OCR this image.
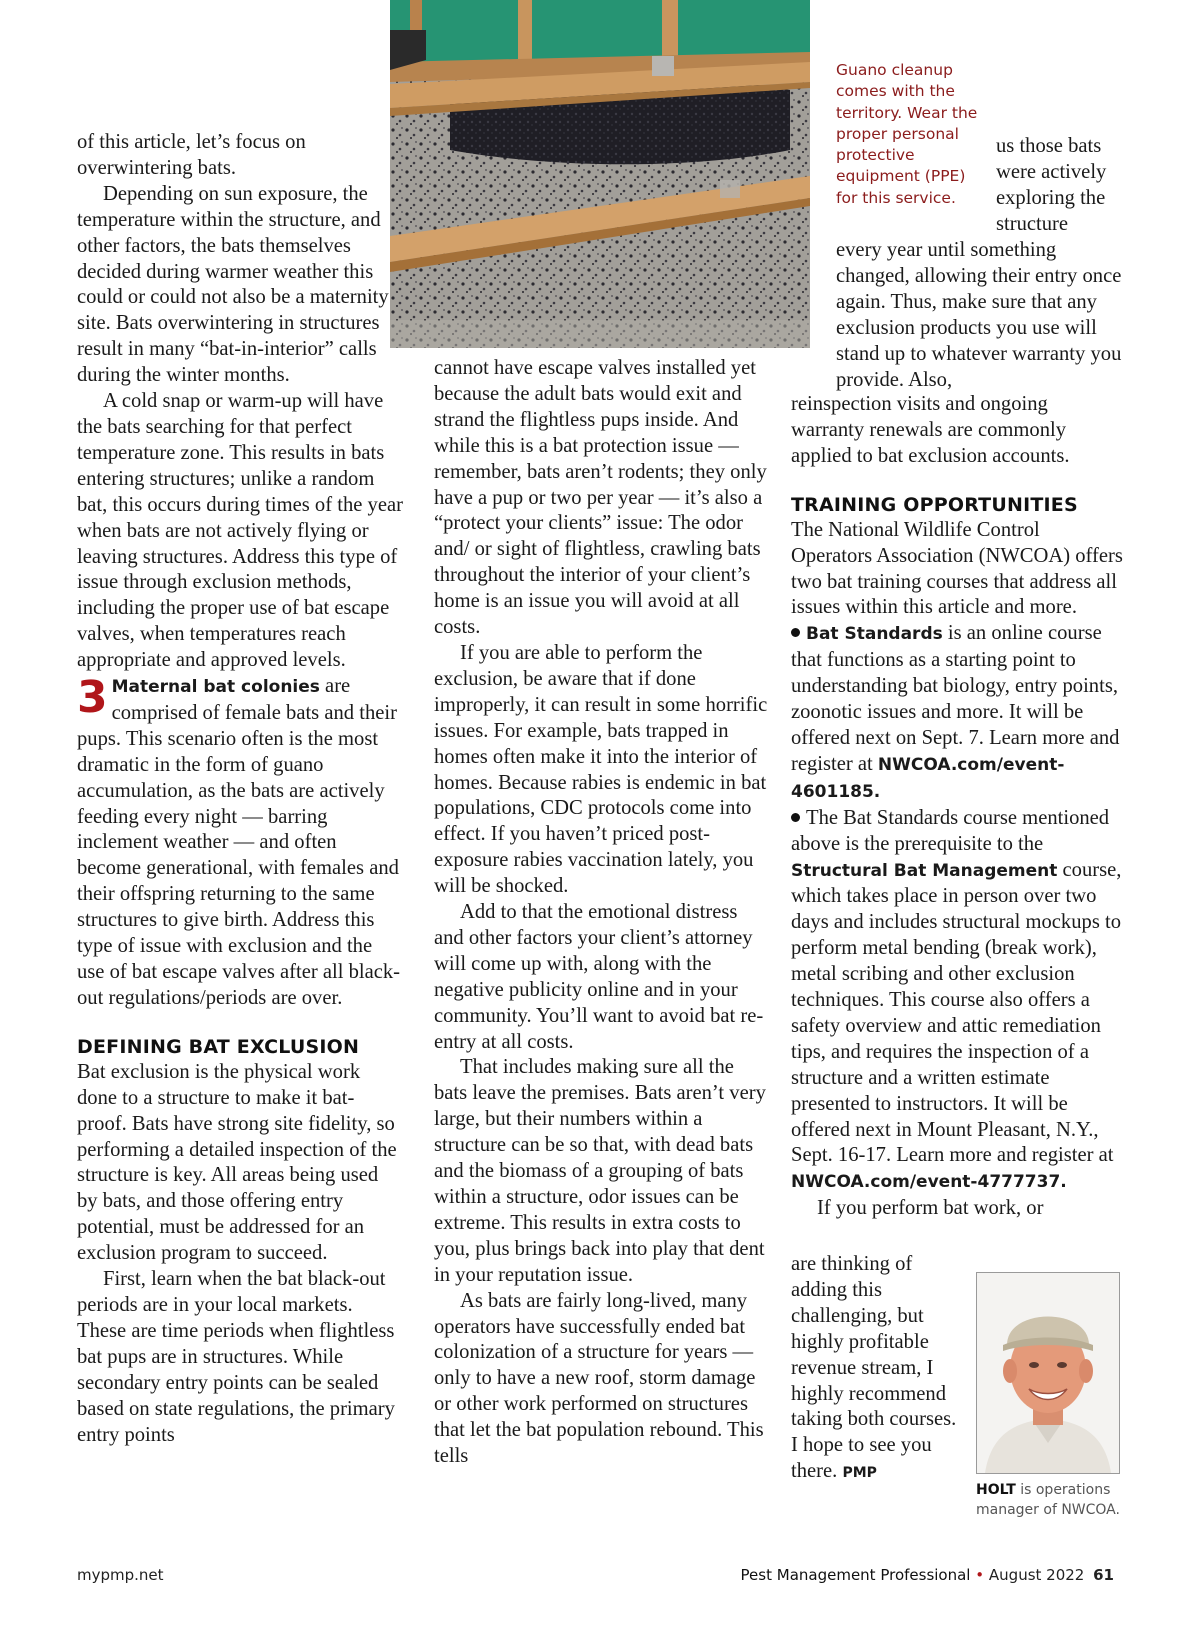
Guano cleanup comes with the territory. Wear the proper personal protective equipment (PPE) for this service.

of this article, let’s focus on overwintering bats.

Depending on sun exposure, the temperature within the structure, and other factors, the bats themselves decided during warmer weather this could or could not also be a maternity site. Bats overwintering in structures result in many “bat-in-interior” calls during the winter months.

A cold snap or warm-up will have the bats searching for that perfect temperature zone. This results in bats entering structures; unlike a random bat, this occurs during times of the year when bats are not actively flying or leaving structures. Address this type of issue through exclusion methods, including the proper use of bat escape valves, when temperatures reach appropriate and approved levels.

3 Maternal bat colonies are comprised of female bats and their pups. This scenario often is the most dramatic in the form of guano accumulation, as the bats are actively feeding every night — barring inclement weather — and often become generational, with females and their offspring returning to the same structures to give birth. Address this type of issue with exclusion and the use of bat escape valves after all black-out regulations/periods are over.

DEFINING BAT EXCLUSION

Bat exclusion is the physical work done to a structure to make it bat-proof. Bats have strong site fidelity, so performing a detailed inspection of the structure is key. All areas being used by bats, and those offering entry potential, must be addressed for an exclusion program to succeed.

First, learn when the bat black-out periods are in your local markets. These are time periods when flightless bat pups are in structures. While secondary entry points can be sealed based on state regulations, the primary entry points

cannot have escape valves installed yet because the adult bats would exit and strand the flightless pups inside. And while this is a bat protection issue — remember, bats aren’t rodents; they only have a pup or two per year — it’s also a “protect your clients” issue: The odor and/ or sight of flightless, crawling bats throughout the interior of your client’s home is an issue you will avoid at all costs.

If you are able to perform the exclusion, be aware that if done improperly, it can result in some horrific issues. For example, bats trapped in homes often make it into the interior of homes. Because rabies is endemic in bat populations, CDC protocols come into effect. If you haven’t priced post-exposure rabies vaccination lately, you will be shocked.

Add to that the emotional distress and other factors your client’s attorney will come up with, along with the negative publicity online and in your community. You’ll want to avoid bat re-entry at all costs.

That includes making sure all the bats leave the premises. Bats aren’t very large, but their numbers within a structure can be so that, with dead bats and the biomass of a grouping of bats within a structure, odor issues can be extreme. This results in extra costs to you, plus brings back into play that dent in your reputation issue.

As bats are fairly long-lived, many operators have successfully ended bat colonization of a structure for years — only to have a new roof, storm damage or other work performed on structures that let the bat population rebound. This tells

us those bats were actively exploring the structure

every year until something changed, allowing their entry once again. Thus, make sure that any exclusion products you use will stand up to whatever warranty you provide. Also,

reinspection visits and ongoing warranty renewals are commonly applied to bat exclusion accounts.

TRAINING OPPORTUNITIES

The National Wildlife Control Operators Association (NWCOA) offers two bat training courses that address all issues within this article and more.

Bat Standards is an online course that functions as a starting point to understanding bat biology, entry points, zoonotic issues and more. It will be offered next on Sept. 7. Learn more and register at NWCOA.com/event-4601185.

The Bat Standards course mentioned above is the prerequisite to the Structural Bat Management course, which takes place in person over two days and includes structural mockups to perform metal bending (break work), metal scribing and other exclusion techniques. This course also offers a safety overview and attic remediation tips, and requires the inspection of a structure and a written estimate presented to instructors. It will be offered next in Mount Pleasant, N.Y., Sept. 16-17. Learn more and register at NWCOA.com/event-4777737.

If you perform bat work, or

are thinking of adding this challenging, but highly profitable revenue stream, I highly recommend taking both courses. I hope to see you there. PMP

HOLT is operations manager of NWCOA.
mypmp.net	Pest Management Professional • August 2022 61
